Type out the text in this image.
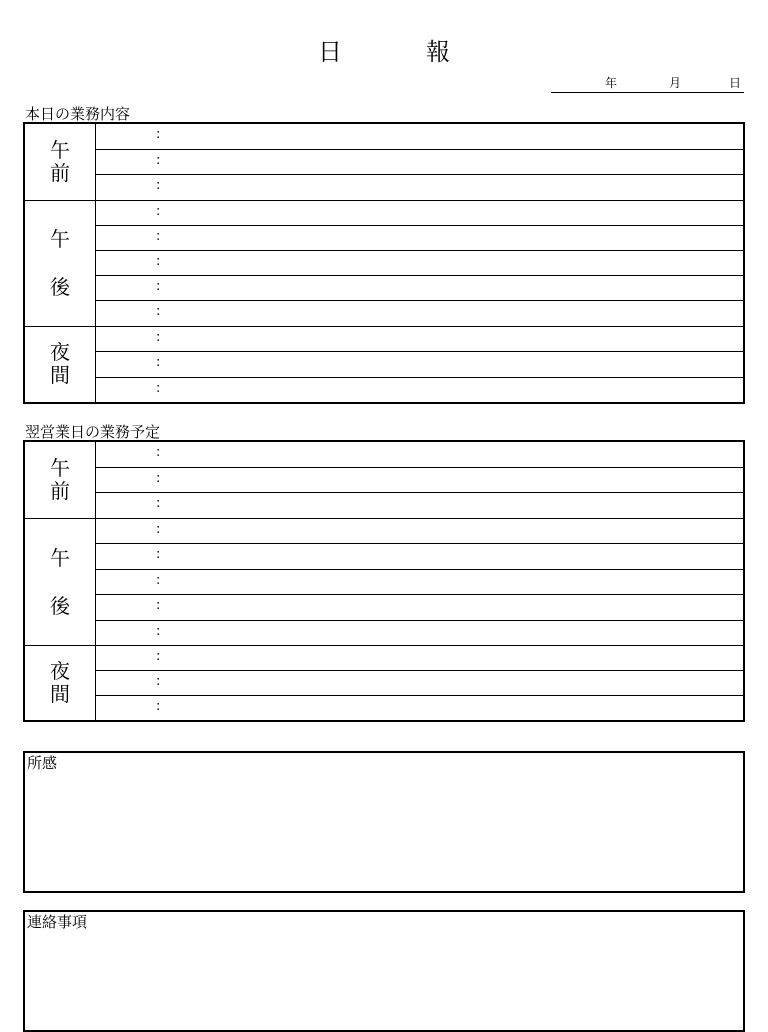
日　報
年	月	日
本日の業務内容
午
前
:
:
:
午
後
:
:
:
:
:
夜
間
:
:
:
翌営業日の業務予定
午
前
:
:
:
午
後
:
:
:
:
:
夜
間
:
:
:
所感
連絡事項
